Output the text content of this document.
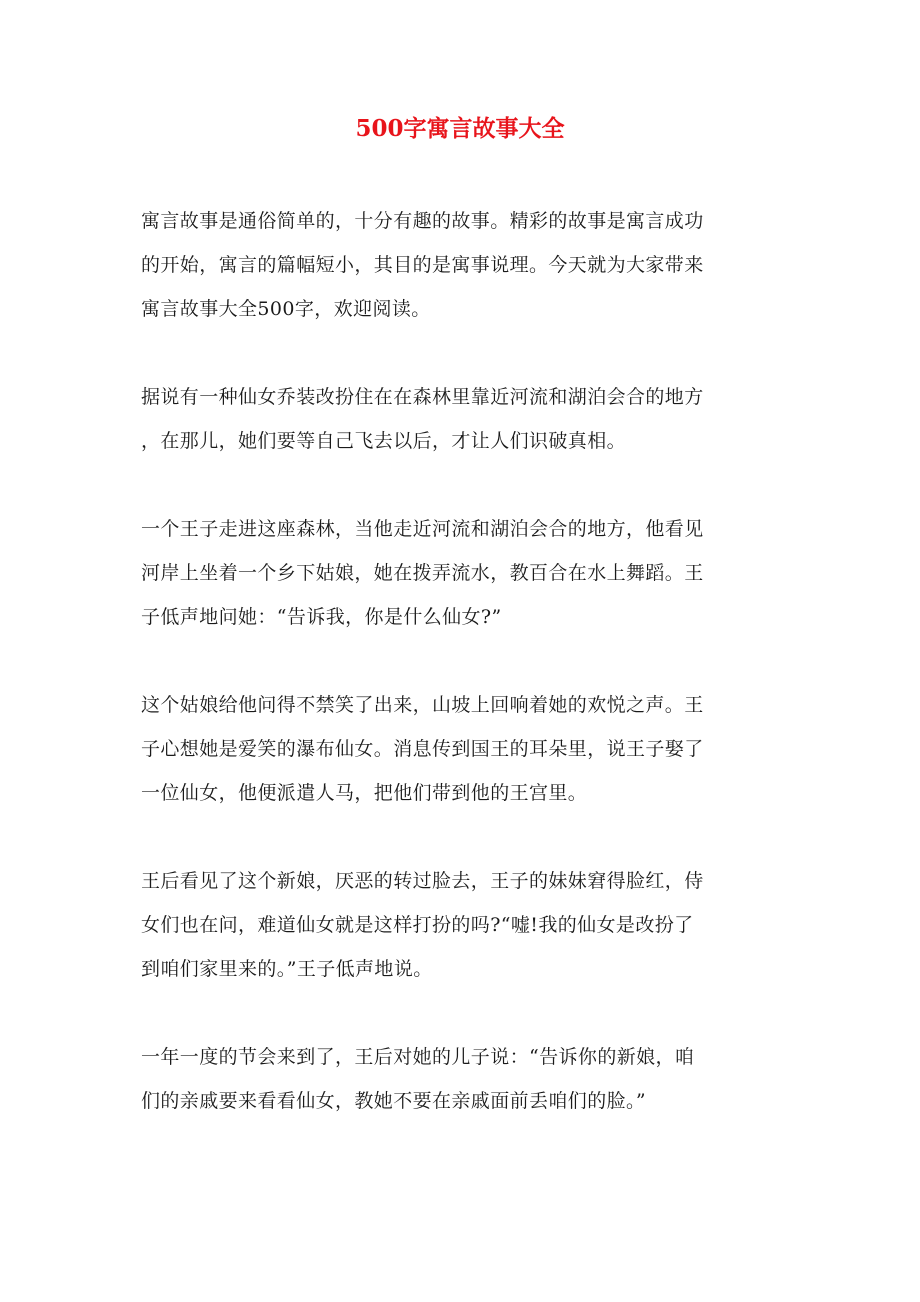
500字寓言故事大全

寓言故事是通俗简单的，十分有趣的故事。精彩的故事是寓言成功
的开始，寓言的篇幅短小，其目的是寓事说理。今天就为大家带来
寓言故事大全500字，欢迎阅读。

据说有一种仙女乔装改扮住在在森林里靠近河流和湖泊会合的地方
，在那儿，她们要等自己飞去以后，才让人们识破真相。

一个王子走进这座森林，当他走近河流和湖泊会合的地方，他看见
河岸上坐着一个乡下姑娘，她在拨弄流水，教百合在水上舞蹈。王
子低声地问她：“告诉我，你是什么仙女?”

这个姑娘给他问得不禁笑了出来，山坡上回响着她的欢悦之声。王
子心想她是爱笑的瀑布仙女。消息传到国王的耳朵里，说王子娶了
一位仙女，他便派遣人马，把他们带到他的王宫里。

王后看见了这个新娘，厌恶的转过脸去，王子的妹妹窘得脸红，侍
女们也在问，难道仙女就是这样打扮的吗?“嘘!我的仙女是改扮了
到咱们家里来的。”王子低声地说。

一年一度的节会来到了，王后对她的儿子说：“告诉你的新娘，咱
们的亲戚要来看看仙女，教她不要在亲戚面前丢咱们的脸。”
